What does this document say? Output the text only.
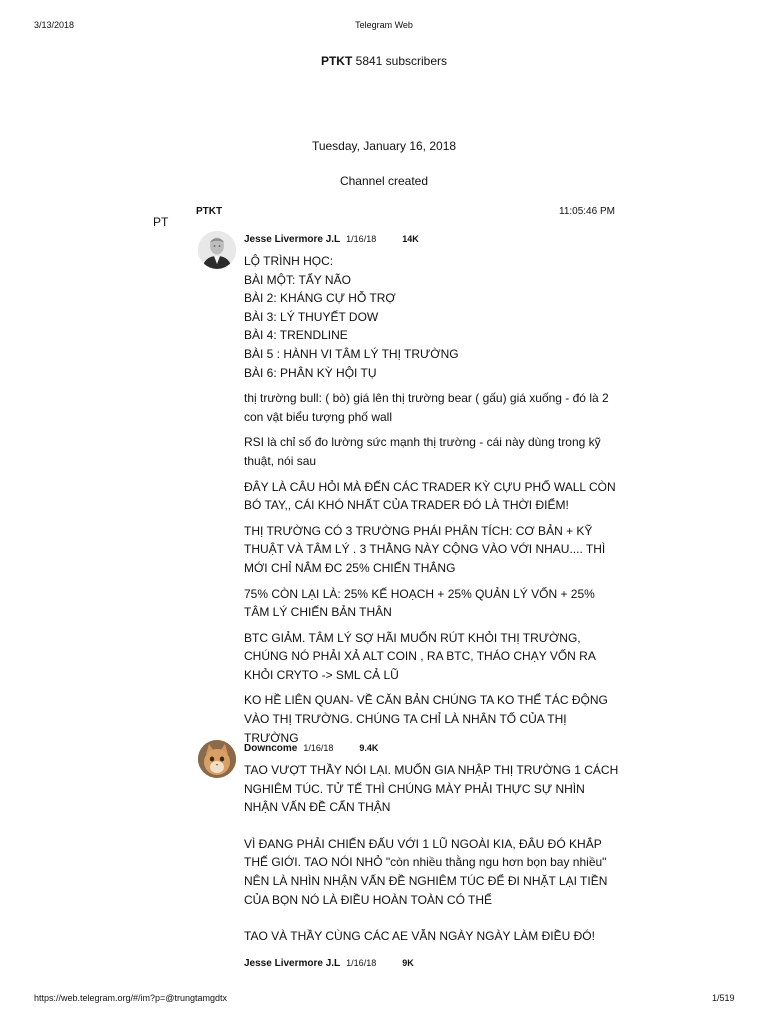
3/13/2018	Telegram Web
PTKT 5841 subscribers
Tuesday, January 16, 2018
Channel created
PT
PTKT	11:05:46 PM
Jesse Livermore J.L 1/16/18	14K

LỘ TRÌNH HỌC:
BÀI MỘT: TẨY NÃO
BÀI 2: KHÁNG CỰ HỖ TRỢ
BÀI 3: LÝ THUYẾT DOW
BÀI 4: TRENDLINE
BÀI 5 : HÀNH VI TÂM LÝ THỊ TRƯỜNG
BÀI 6: PHÂN KỲ HỘI TỤ

thị trường bull: ( bò) giá lên thị trường bear ( gấu) giá xuống - đó là 2 con vật biểu tượng phố wall

RSI là chỉ số đo lường sức mạnh thị trường - cái này dùng trong kỹ thuật, nói sau

ĐÂY LÀ CÂU HỎI MÀ ĐẾN CÁC TRADER KỲ CỰU PHỐ WALL CÒN BÓ TAY,, CÁI KHÓ NHẤT CỦA TRADER ĐÓ LÀ THỜI ĐIỂM!

THỊ TRƯỜNG CÓ 3 TRƯỜNG PHÁI PHÂN TÍCH: CƠ BẢN + KỸ THUẬT VÀ TÂM LÝ . 3 THẰNG NÀY CỘNG VÀO VỚI NHAU.... THÌ MỚI CHỈ NẮM ĐC 25% CHIẾN THẮNG

75% CÒN LẠI LÀ: 25% KẾ HOẠCH + 25% QUẢN LÝ VỐN + 25% TÂM LÝ CHIẾN BẢN THÂN

BTC GIẢM. TÂM LÝ SỢ HÃI MUỐN RÚT KHỎI THỊ TRƯỜNG, CHÚNG NÓ PHẢI XẢ ALT COIN , RA BTC, THÁO CHẠY VỐN RA KHỎI CRYTO -> SML CẢ LŨ

KO HỀ LIÊN QUAN- VỀ CĂN BẢN CHÚNG TA KO THỂ TÁC ĐỘNG VÀO THỊ TRƯỜNG. CHÚNG TA CHỈ LÀ NHÂN TỐ CỦA THỊ TRƯỜNG

Downcome 1/16/18	9.4K

TAO VƯỢT THẦY NÓI LẠI. MUỐN GIA NHẬP THỊ TRƯỜNG 1 CÁCH NGHIÊM TÚC. TỬ TẾ THÌ CHÚNG MÀY PHẢI THỰC SỰ NHÌN NHẬN VẤN ĐỀ CẨN THẬN

VÌ ĐANG PHẢI CHIẾN ĐẤU VỚI 1 LŨ NGOÀI KIA, ĐÂU ĐÓ KHẮP THẾ GIỚI. TAO NÓI NHỎ "còn nhiều thằng ngu hơn bọn bay nhiều" NÊN LÀ NHÌN NHẬN VẤN ĐỀ NGHIÊM TÚC ĐỂ ĐI NHẶT LẠI TIỀN CỦA BỌN NÓ LÀ ĐIỀU HOÀN TOÀN CÓ THỂ

TAO VÀ THẦY CÙNG CÁC AE VẪN NGÀY NGÀY LÀM ĐIỀU ĐÓ!

Jesse Livermore J.L 1/16/18	9K
https://web.telegram.org/#/im?p=@trungtamgdtx	1/519
